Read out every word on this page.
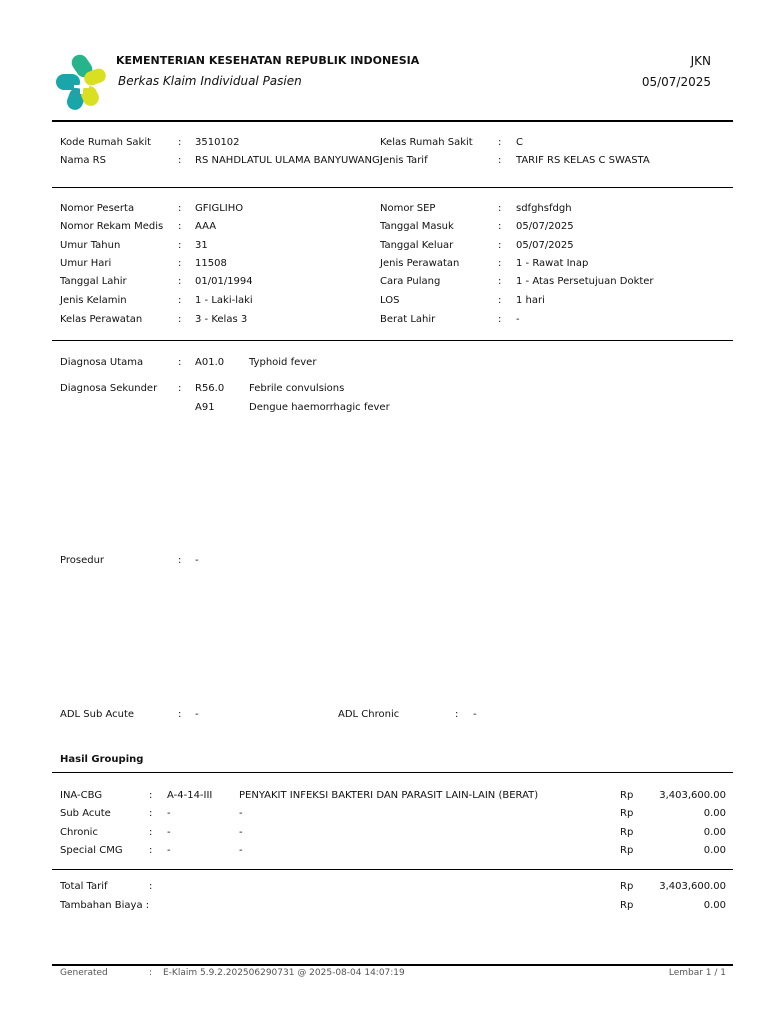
KEMENTERIAN KESEHATAN REPUBLIK INDONESIA
Berkas Klaim Individual Pasien
JKN
05/07/2025
Kode Rumah Sakit	: 3510102
Nama RS	: RS NAHDLATUL ULAMA BANYUWANGI
Kelas Rumah Sakit	: C
Jenis Tarif	: TARIF RS KELAS C SWASTA
Nomor Peserta	: GFIGLIHO
Nomor Rekam Medis : AAA
Umur Tahun	: 31
Umur Hari	: 11508
Tanggal Lahir	: 01/01/1994
Jenis Kelamin	: 1 - Laki-laki
Kelas Perawatan	: 3 - Kelas 3
Nomor SEP	: sdfghsfdgh
Tanggal Masuk	: 05/07/2025
Tanggal Keluar	: 05/07/2025
Jenis Perawatan	: 1 - Rawat Inap
Cara Pulang	: 1 - Atas Persetujuan Dokter
LOS	: 1 hari
Berat Lahir	: -
Diagnosa Utama	: A01.0 Typhoid fever
Diagnosa Sekunder : R56.0 Febrile convulsions
A91	Dengue haemorrhagic fever
Prosedur	: -
ADL Sub Acute	: -	ADL Chronic	: -
Hasil Grouping
INA-CBG	: A-4-14-III	PENYAKIT INFEKSI BAKTERI DAN PARASIT LAIN-LAIN (BERAT)	Rp	3,403,600.00
Sub Acute	: -	-	Rp	0.00
Chronic	: -	-	Rp	0.00
Special CMG	: -	-	Rp	0.00
Total Tarif	:	Rp	3,403,600.00
Tambahan Biaya :	Rp	0.00
Generated	: E-Klaim 5.9.2.202506290731 @ 2025-08-04 14:07:19	Lembar 1 / 1
